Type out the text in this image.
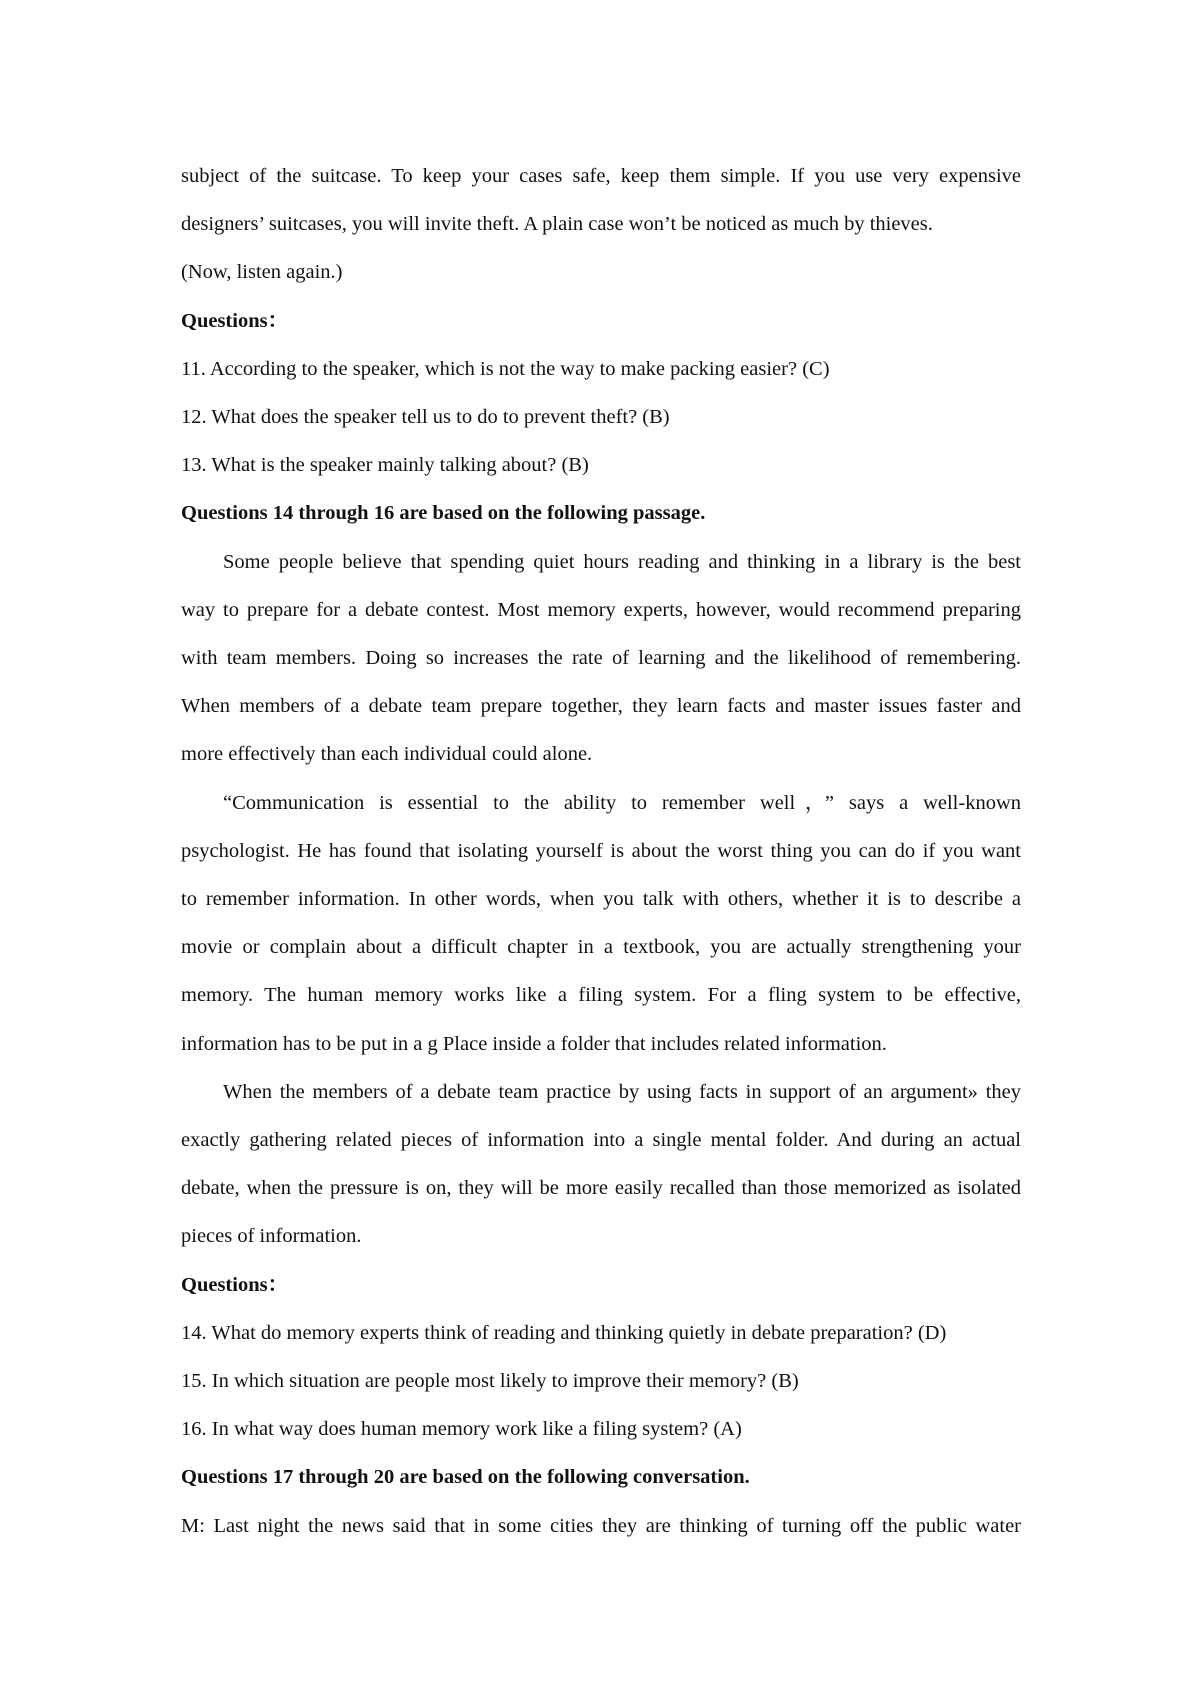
subject of the suitcase. To keep your cases safe, keep them simple. If you use very expensive

designers’ suitcases, you will invite theft. A plain case won’t be noticed as much by thieves.

(Now, listen again.)

Questions：

11. According to the speaker, which is not the way to make packing easier? (C)

12. What does the speaker tell us to do to prevent theft? (B)

13. What is the speaker mainly talking about? (B)

Questions 14 through 16 are based on the following passage.

Some people believe that spending quiet hours reading and thinking in a library is the best

way to prepare for a debate contest. Most memory experts, however, would recommend preparing

with team members. Doing so increases the rate of learning and the likelihood of remembering.

When members of a debate team prepare together, they learn facts and master issues faster and

more effectively than each individual could alone.

“Communication is essential to the ability to remember well，” says a well-known

psychologist. He has found that isolating yourself is about the worst thing you can do if you want

to remember information. In other words, when you talk with others, whether it is to describe a

movie or complain about a difficult chapter in a textbook, you are actually strengthening your

memory. The human memory works like a filing system. For a fling system to be effective,

information has to be put in a g Place inside a folder that includes related information.

When the members of a debate team practice by using facts in support of an argument» they

exactly gathering related pieces of information into a single mental folder. And during an actual

debate, when the pressure is on, they will be more easily recalled than those memorized as isolated

pieces of information.

Questions：

14. What do memory experts think of reading and thinking quietly in debate preparation? (D)

15. In which situation are people most likely to improve their memory? (B)

16. In what way does human memory work like a filing system? (A)

Questions 17 through 20 are based on the following conversation.

M: Last night the news said that in some cities they are thinking of turning off the public water
